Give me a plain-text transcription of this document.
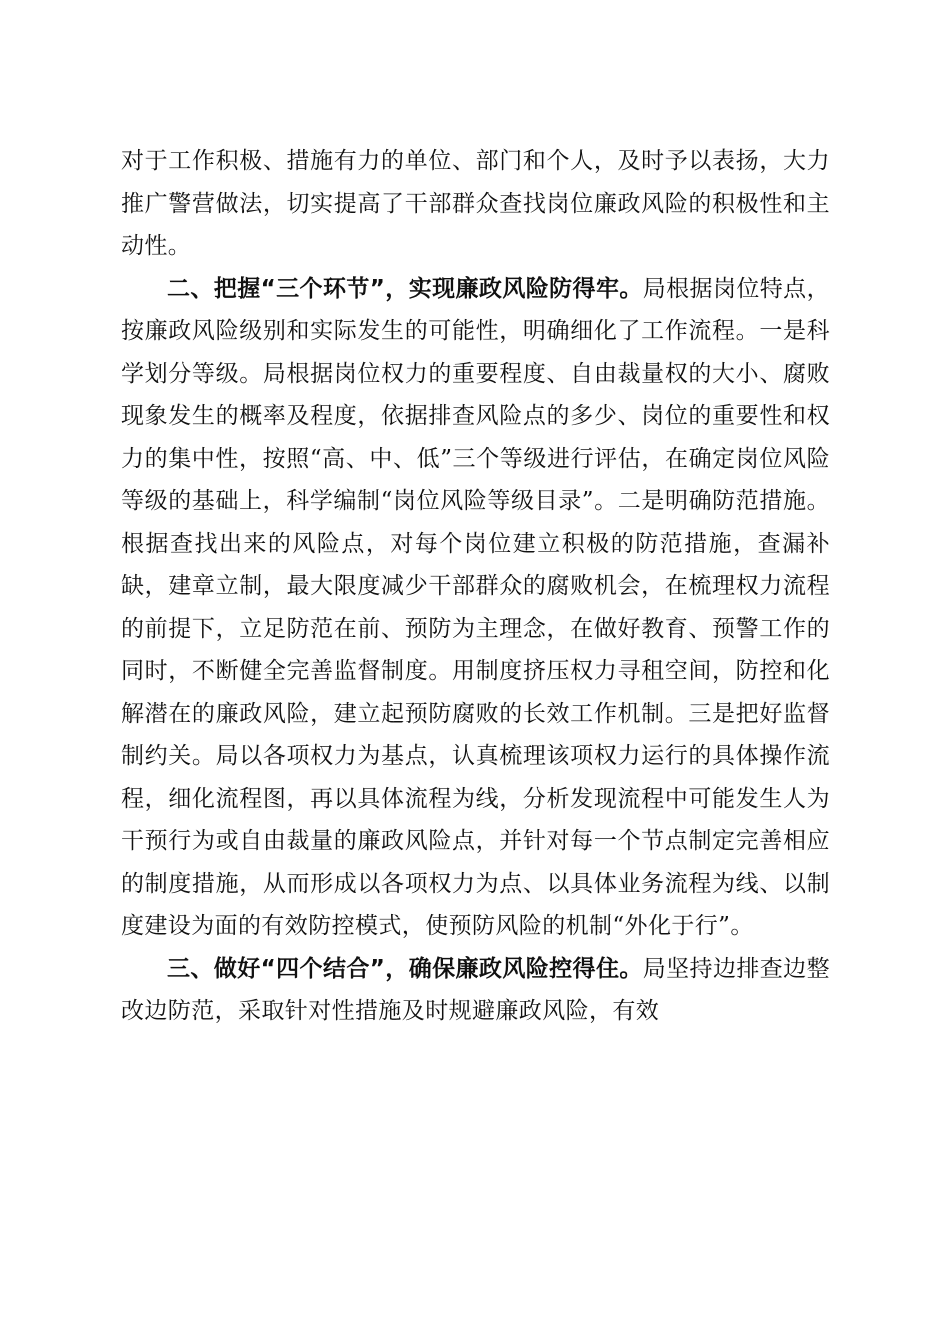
对于工作积极、措施有力的单位、部门和个人，及时予以表扬，大力推广警营做法，切实提高了干部群众查找岗位廉政风险的积极性和主动性。

二、把握“三个环节”，实现廉政风险防得牢。局根据岗位特点，按廉政风险级别和实际发生的可能性，明确细化了工作流程。一是科学划分等级。局根据岗位权力的重要程度、自由裁量权的大小、腐败现象发生的概率及程度，依据排查风险点的多少、岗位的重要性和权力的集中性，按照“高、中、低”三个等级进行评估，在确定岗位风险等级的基础上，科学编制“岗位风险等级目录”。二是明确防范措施。根据查找出来的风险点，对每个岗位建立积极的防范措施，查漏补缺，建章立制，最大限度减少干部群众的腐败机会，在梳理权力流程的前提下，立足防范在前、预防为主理念，在做好教育、预警工作的同时，不断健全完善监督制度。用制度挤压权力寻租空间，防控和化解潜在的廉政风险，建立起预防腐败的长效工作机制。三是把好监督制约关。局以各项权力为基点，认真梳理该项权力运行的具体操作流程，细化流程图，再以具体流程为线，分析发现流程中可能发生人为干预行为或自由裁量的廉政风险点，并针对每一个节点制定完善相应的制度措施，从而形成以各项权力为点、以具体业务流程为线、以制度建设为面的有效防控模式，使预防风险的机制“外化于行”。

三、做好“四个结合”，确保廉政风险控得住。局坚持边排查边整改边防范，采取针对性措施及时规避廉政风险，有效
